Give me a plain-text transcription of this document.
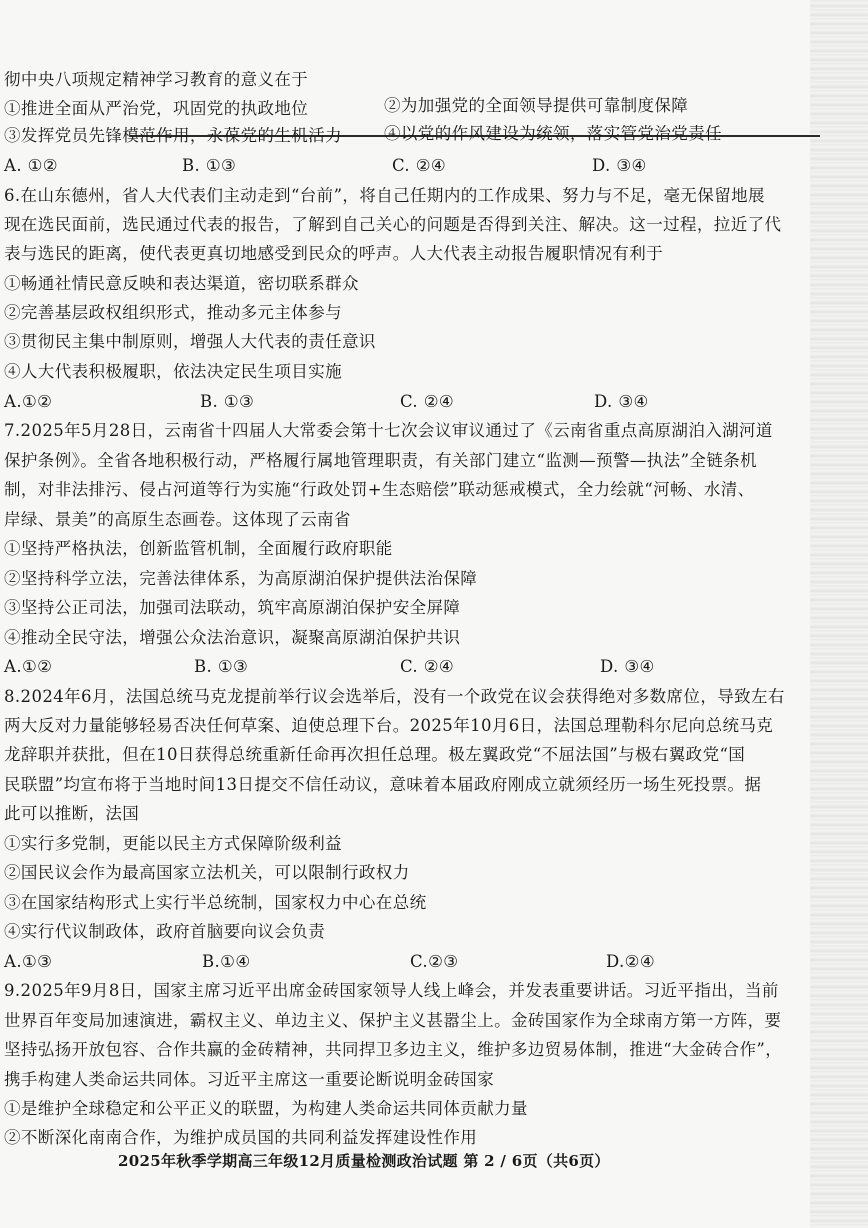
彻中央八项规定精神学习教育的意义在于
①推进全面从严治党，巩固党的执政地位	②为加强党的全面领导提供可靠制度保障
③发挥党员先锋模范作用，永葆党的生机活力	④以党的作风建设为统领，落实管党治党责任
A. ①②	B. ①③	C. ②④	D. ③④
6.在山东德州，省人大代表们主动走到“台前”，将自己任期内的工作成果、努力与不足，毫无保留地展
现在选民面前，选民通过代表的报告，了解到自己关心的问题是否得到关注、解决。这一过程，拉近了代
表与选民的距离，使代表更真切地感受到民众的呼声。人大代表主动报告履职情况有利于
①畅通社情民意反映和表达渠道，密切联系群众
②完善基层政权组织形式，推动多元主体参与
③贯彻民主集中制原则，增强人大代表的责任意识
④人大代表积极履职，依法决定民生项目实施
A.①②	B. ①③	C. ②④	D. ③④
7.2025年5月28日，云南省十四届人大常委会第十七次会议审议通过了《云南省重点高原湖泊入湖河道
保护条例》。全省各地积极行动，严格履行属地管理职责，有关部门建立“监测—预警—执法”全链条机
制，对非法排污、侵占河道等行为实施“行政处罚+生态赔偿”联动惩戒模式，全力绘就“河畅、水清、
岸绿、景美”的高原生态画卷。这体现了云南省
①坚持严格执法，创新监管机制，全面履行政府职能
②坚持科学立法，完善法律体系，为高原湖泊保护提供法治保障
③坚持公正司法，加强司法联动，筑牢高原湖泊保护安全屏障
④推动全民守法，增强公众法治意识，凝聚高原湖泊保护共识
A.①②	B. ①③	C. ②④	D. ③④
8.2024年6月，法国总统马克龙提前举行议会选举后，没有一个政党在议会获得绝对多数席位，导致左右
两大反对力量能够轻易否决任何草案、迫使总理下台。2025年10月6日，法国总理勒科尔尼向总统马克
龙辞职并获批，但在10日获得总统重新任命再次担任总理。极左翼政党“不屈法国”与极右翼政党“国
民联盟”均宣布将于当地时间13日提交不信任动议，意味着本届政府刚成立就须经历一场生死投票。据
此可以推断，法国
①实行多党制，更能以民主方式保障阶级利益
②国民议会作为最高国家立法机关，可以限制行政权力
③在国家结构形式上实行半总统制，国家权力中心在总统
④实行代议制政体，政府首脑要向议会负责
A.①③	B.①④	C.②③	D.②④
9.2025年9月8日，国家主席习近平出席金砖国家领导人线上峰会，并发表重要讲话。习近平指出，当前
世界百年变局加速演进，霸权主义、单边主义、保护主义甚嚣尘上。金砖国家作为全球南方第一方阵，要
坚持弘扬开放包容、合作共赢的金砖精神，共同捍卫多边主义，维护多边贸易体制，推进“大金砖合作”，
携手构建人类命运共同体。习近平主席这一重要论断说明金砖国家
①是维护全球稳定和公平正义的联盟，为构建人类命运共同体贡献力量
②不断深化南南合作，为维护成员国的共同利益发挥建设性作用
2025年秋季学期高三年级12月质量检测政治试题 第 2 / 6页（共6页）
